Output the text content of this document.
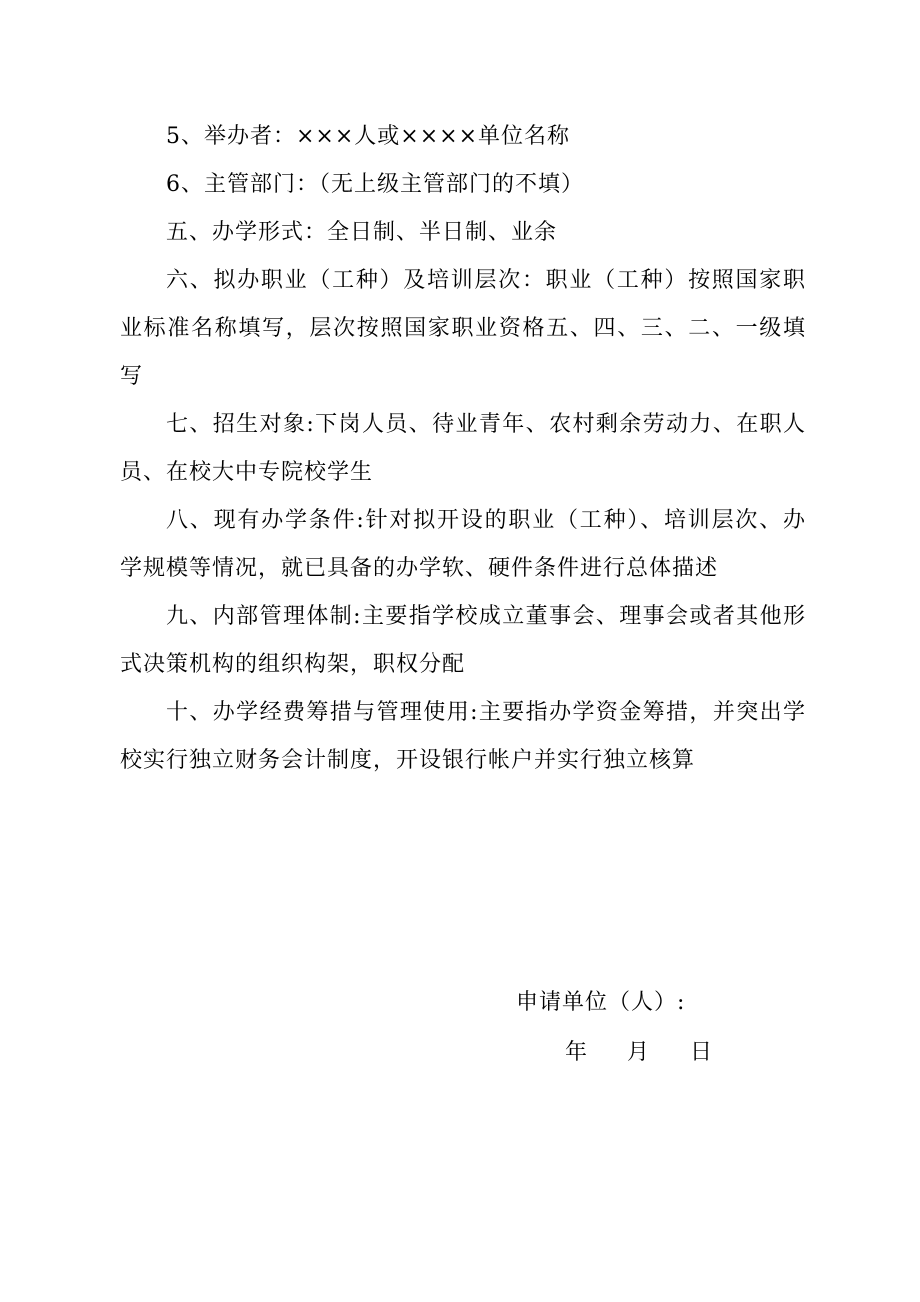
5、举办者：×××人或××××单位名称

6、主管部门：（无上级主管部门的不填）

五、办学形式：全日制、半日制、业余

六、拟办职业（工种）及培训层次：职业（工种）按照国家职业标准名称填写，层次按照国家职业资格五、四、三、二、一级填写

七、招生对象:下岗人员、待业青年、农村剩余劳动力、在职人员、在校大中专院校学生

八、现有办学条件:针对拟开设的职业（工种）、培训层次、办学规模等情况，就已具备的办学软、硬件条件进行总体描述

九、内部管理体制:主要指学校成立董事会、理事会或者其他形式决策机构的组织构架，职权分配

十、办学经费筹措与管理使用:主要指办学资金筹措，并突出学校实行独立财务会计制度，开设银行帐户并实行独立核算

申请单位（人）:
年 月 日
